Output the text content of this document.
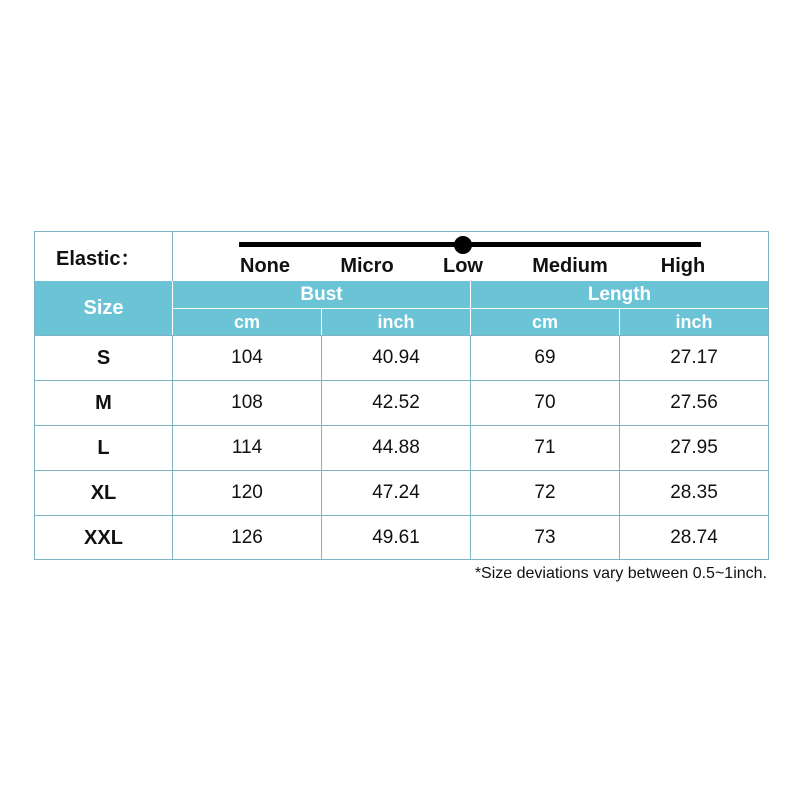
Elastic：	None	Micro Low Medium	High
Size
Bust	Length
cm	inch	cm	inch
S	104	40.94	69	27.17
M	108	42.52	70	27.56
L	114	44.88	71	27.95
XL	120	47.24	72	28.35
XXL	126	49.61	73	28.74
*Size deviations vary between 0.5~1inch.
